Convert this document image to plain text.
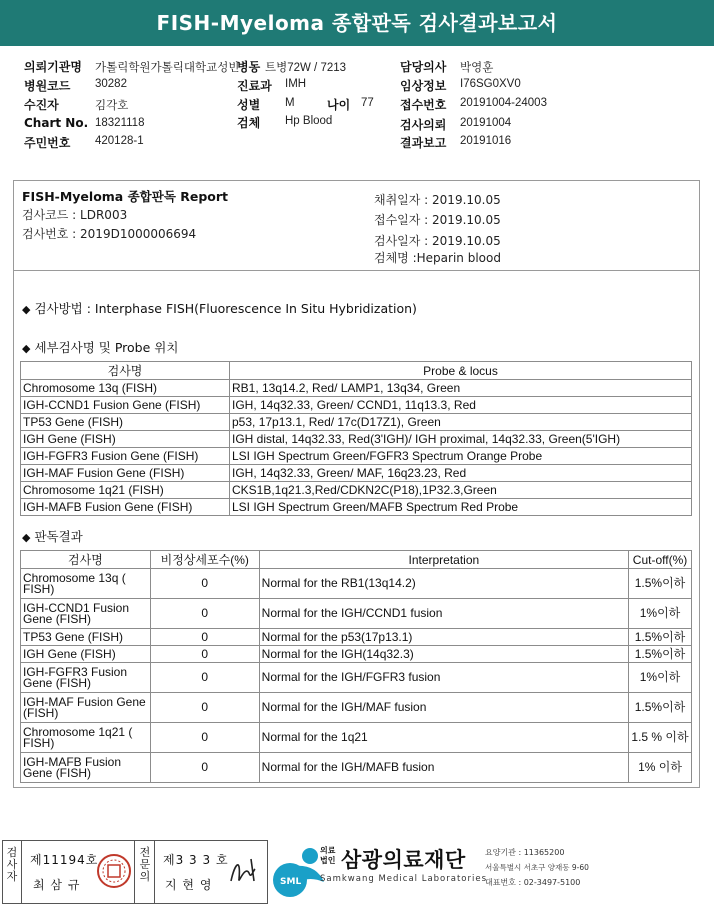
FISH-Myeloma 종합판독 검사결과보고서
의뢰기관명 가톨릭학원가톨릭대학교성빈
병동 트병72W / 7213	담당의사 박영훈
병원코드 30282	진료과 IMH	임상정보 I76SG0XV0
수진자	김각호	성별 M	나이 77 접수번호 20191004-24003
Chart No. 18321118	검체 Hp Blood	검사의뢰 20191004
주민번호 420128-1	결과보고 20191016
FISH-Myeloma 종합판독 Report
검사코드 : LDR003
검사번호 : 2019D1000006694
채취일자 : 2019.10.05
접수일자 : 2019.10.05
검사일자 : 2019.10.05
검체명 :Heparin blood
◆ 검사방법 : Interphase FISH(Fluorescence In Situ Hybridization)
◆ 세부검사명 및 Probe 위치
검사명	Probe & locus
Chromosome 13q (FISH)	RB1, 13q14.2, Red/ LAMP1, 13q34, Green
IGH-CCND1 Fusion Gene (FISH)	IGH, 14q32.33, Green/ CCND1, 11q13.3, Red
TP53 Gene (FISH)	p53, 17p13.1, Red/ 17c(D17Z1), Green
IGH Gene (FISH)	IGH distal, 14q32.33, Red(3'IGH)/ IGH proximal, 14q32.33, Green(5'IGH)
IGH-FGFR3 Fusion Gene (FISH)	LSI IGH Spectrum Green/FGFR3 Spectrum Orange Probe
IGH-MAF Fusion Gene (FISH)	IGH, 14q32.33, Green/ MAF, 16q23.23, Red
Chromosome 1q21 (FISH)	CKS1B,1q21.3,Red/CDKN2C(P18),1P32.3,Green
IGH-MAFB Fusion Gene (FISH)	LSI IGH Spectrum Green/MAFB Spectrum Red Probe
◆ 판독결과
검사명	비정상세포수(%)	Interpretation	Cut-off(%)
Chromosome 13q ( FISH)	0	Normal for the RB1(13q14.2)	1.5%이하
IGH-CCND1 Fusion Gene (FISH)	0	Normal for the IGH/CCND1 fusion	1%이하
TP53 Gene (FISH)	0	Normal for the p53(17p13.1)	1.5%이하
IGH Gene (FISH)	0	Normal for the IGH(14q32.3)	1.5%이하
IGH-FGFR3 Fusion Gene (FISH)	0	Normal for the IGH/FGFR3 fusion	1%이하
IGH-MAF Fusion Gene (FISH)	0	Normal for the IGH/MAF fusion	1.5%이하
Chromosome 1q21 ( FISH)	0	Normal for the 1q21	1.5 % 이하
IGH-MAFB Fusion Gene (FISH)	0	Normal for the IGH/MAFB fusion	1% 이하
검사자
제11194호
최 삼 규
전문의
제3 3 3 호
지 현 영	SML
의료법인 삼광의료재단
Samkwang Medical Laboratories
요양기관 : 11365200
서울특별시 서초구 양재동 9-60
대표번호 : 02-3497-5100
